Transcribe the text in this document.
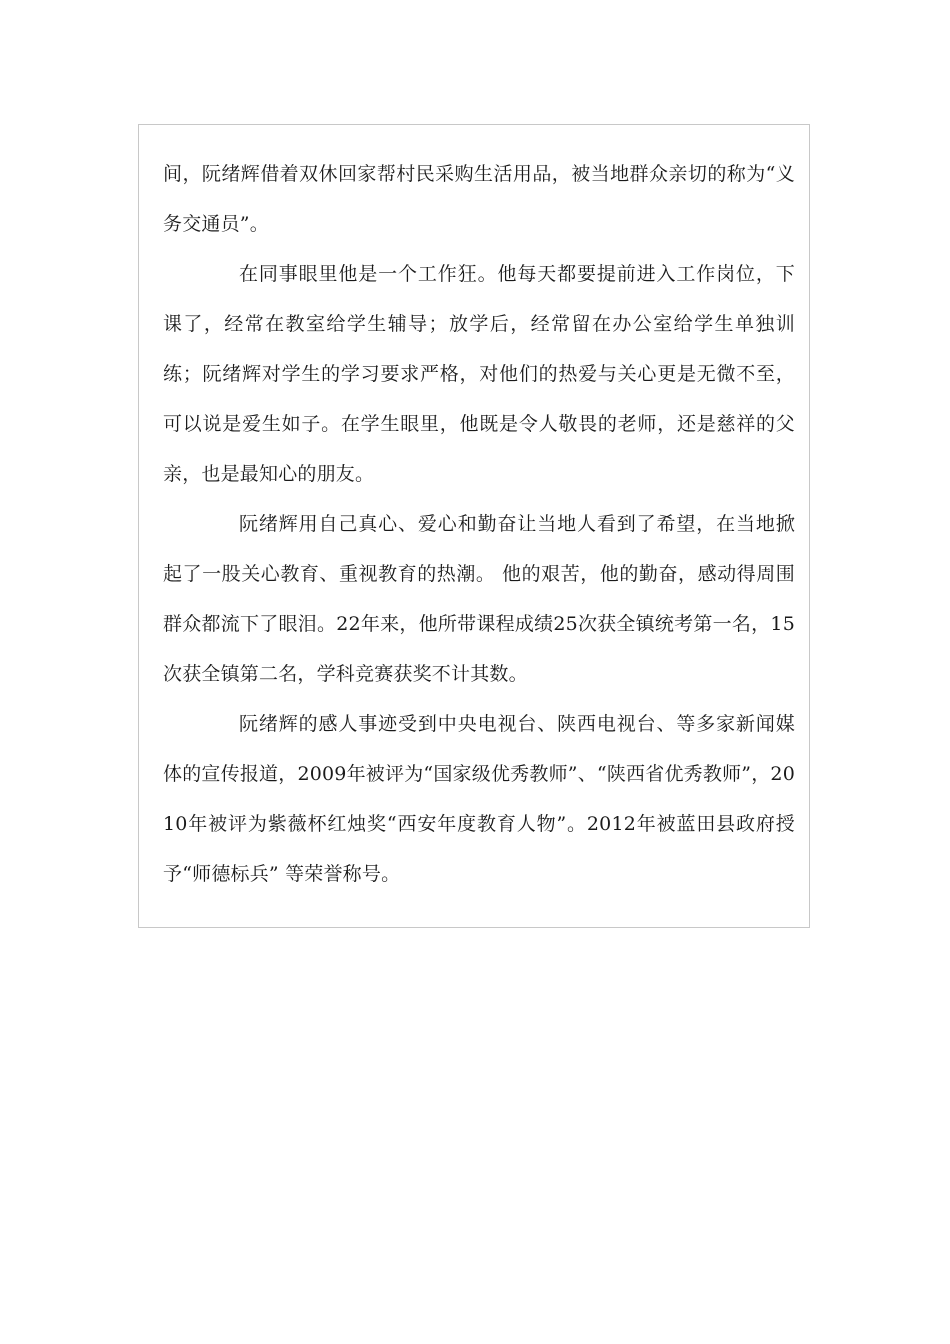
间，阮绪辉借着双休回家帮村民采购生活用品，被当地群众亲切的称为“义务交通员”。

在同事眼里他是一个工作狂。他每天都要提前进入工作岗位，下课了，经常在教室给学生辅导；放学后，经常留在办公室给学生单独训练；阮绪辉对学生的学习要求严格，对他们的热爱与关心更是无微不至，可以说是爱生如子。在学生眼里，他既是令人敬畏的老师，还是慈祥的父亲，也是最知心的朋友。

阮绪辉用自己真心、爱心和勤奋让当地人看到了希望，在当地掀起了一股关心教育、重视教育的热潮。 他的艰苦，他的勤奋，感动得周围群众都流下了眼泪。22年来，他所带课程成绩25次获全镇统考第一名，15次获全镇第二名，学科竞赛获奖不计其数。

阮绪辉的感人事迹受到中央电视台、陕西电视台、等多家新闻媒体的宣传报道，2009年被评为“国家级优秀教师”、“陕西省优秀教师”，2010年被评为紫薇杯红烛奖“西安年度教育人物”。2012年被蓝田县政府授予“师德标兵” 等荣誉称号。
